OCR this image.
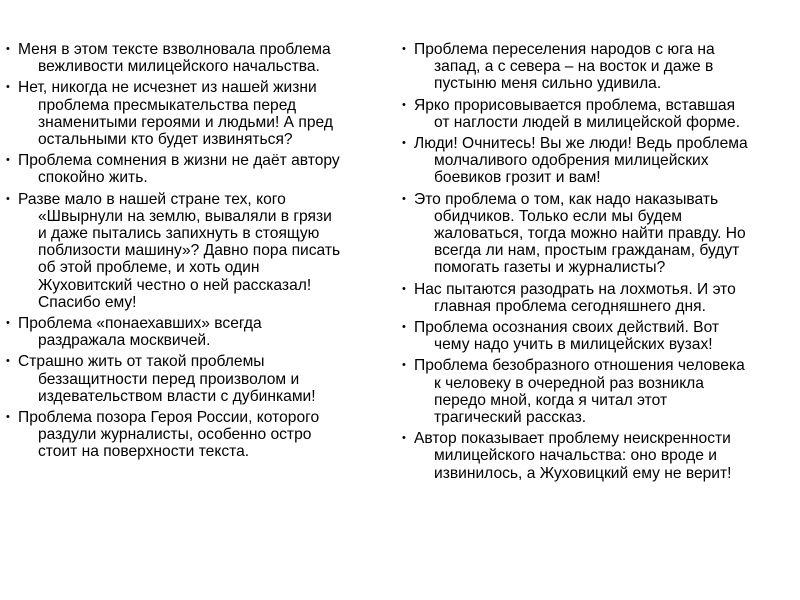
• Меня в этом тексте взволновала проблема
вежливости милицейского начальства.
• Нет, никогда не исчезнет из нашей жизни
проблема пресмыкательства перед
знаменитыми героями и людьми! А пред
остальными кто будет извиняться?
• Проблема сомнения в жизни не даёт автору
спокойно жить.
• Разве мало в нашей стране тех, кого
«Швырнули на землю, вываляли в грязи
и даже пытались запихнуть в стоящую
поблизости машину»? Давно пора писать
об этой проблеме, и хоть один
Жуховитский честно о ней рассказал!
Спасибо ему!
• Проблема «понаехавших» всегда
раздражала москвичей.
• Страшно жить от такой проблемы
беззащитности перед произволом и
издевательством власти с дубинками!
• Проблема позора Героя России, которого
раздули журналисты, особенно остро
стоит на поверхности текста.
• Проблема переселения народов с юга на
запад, а с севера – на восток и даже в
пустыню меня сильно удивила.
• Ярко прорисовывается проблема, вставшая
от наглости людей в милицейской форме.
• Люди! Очнитесь! Вы же люди! Ведь проблема
молчаливого одобрения милицейских
боевиков грозит и вам!
• Это проблема о том, как надо наказывать
обидчиков. Только если мы будем
жаловаться, тогда можно найти правду. Но
всегда ли нам, простым гражданам, будут
помогать газеты и журналисты?
• Нас пытаются разодрать на лохмотья. И это
главная проблема сегодняшнего дня.
• Проблема осознания своих действий. Вот
чему надо учить в милицейских вузах!
• Проблема безобразного отношения человека
к человеку в очередной раз возникла
передо мной, когда я читал этот
трагический рассказ.
• Автор показывает проблему неискренности
милицейского начальства: оно вроде и
извинилось, а Жуховицкий ему не верит!
